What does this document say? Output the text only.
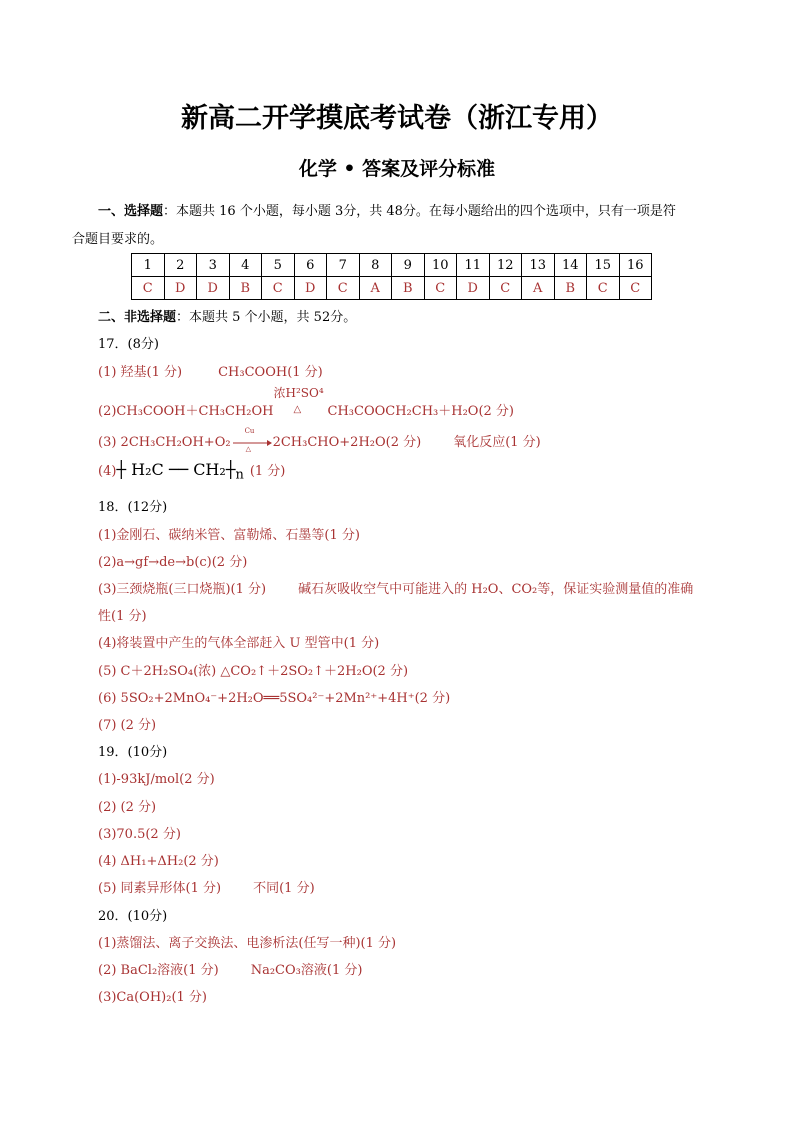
新高二开学摸底考试卷（浙江专用）
化学 • 答案及评分标准
一、选择题：本题共 16 个小题，每小题 3分，共 48分。在每小题给出的四个选项中，只有一项是符
合题目要求的。
1	2	3	4	5	6	7	8	9	10	11	12	13	14	15	16
C	D	D	B	C	D	C	A	B	C	D	C	A	B	C	C
二、非选择题：本题共 5 个小题，共 52分。
17．(8分)
(1) 羟基(1 分)	CH₃COOH(1 分)
(2)CH₃COOH＋CH₃CH₂OH
浓H²SO⁴
△ CH₃COOCH₂CH₃＋H₂O(2 分)
(3) 2CH₃CH₂OH+O₂
Cu
△ 2CH₃CHO+2H₂O(2 分) 氧化反应(1 分)
(4)┼ H₂C ── $CH_2┼_n$ (1 分)
18．(12分)
(1)金刚石、碳纳米管、富勒烯、石墨等(1 分)
(2)a→gf→de→b(c)(2 分)
(3)三颈烧瓶(三口烧瓶)(1 分) 碱石灰吸收空气中可能进入的 H₂O、CO₂等，保证实验测量值的准确
性(1 分)
(4)将装置中产生的气体全部赶入 U 型管中(1 分)
(5) C＋2H₂SO₄(浓) △CO₂↑＋2SO₂↑＋2H₂O(2 分)
(6) 5SO₂+2MnO₄⁻+2H₂O══5SO₄²⁻+2Mn²⁺+4H⁺(2 分)
(7) (2 分)
19．(10分)
(1)-93kJ/mol(2 分)
(2) (2 分)
(3)70.5(2 分)
(4) ΔH₁+ΔH₂(2 分)
(5) 同素异形体(1 分) 不同(1 分)
20．(10分)
(1)蒸馏法、离子交换法、电渗析法(任写一种)(1 分)
(2) BaCl₂溶液(1 分) Na₂CO₃溶液(1 分)
(3)Ca(OH)₂(1 分)
